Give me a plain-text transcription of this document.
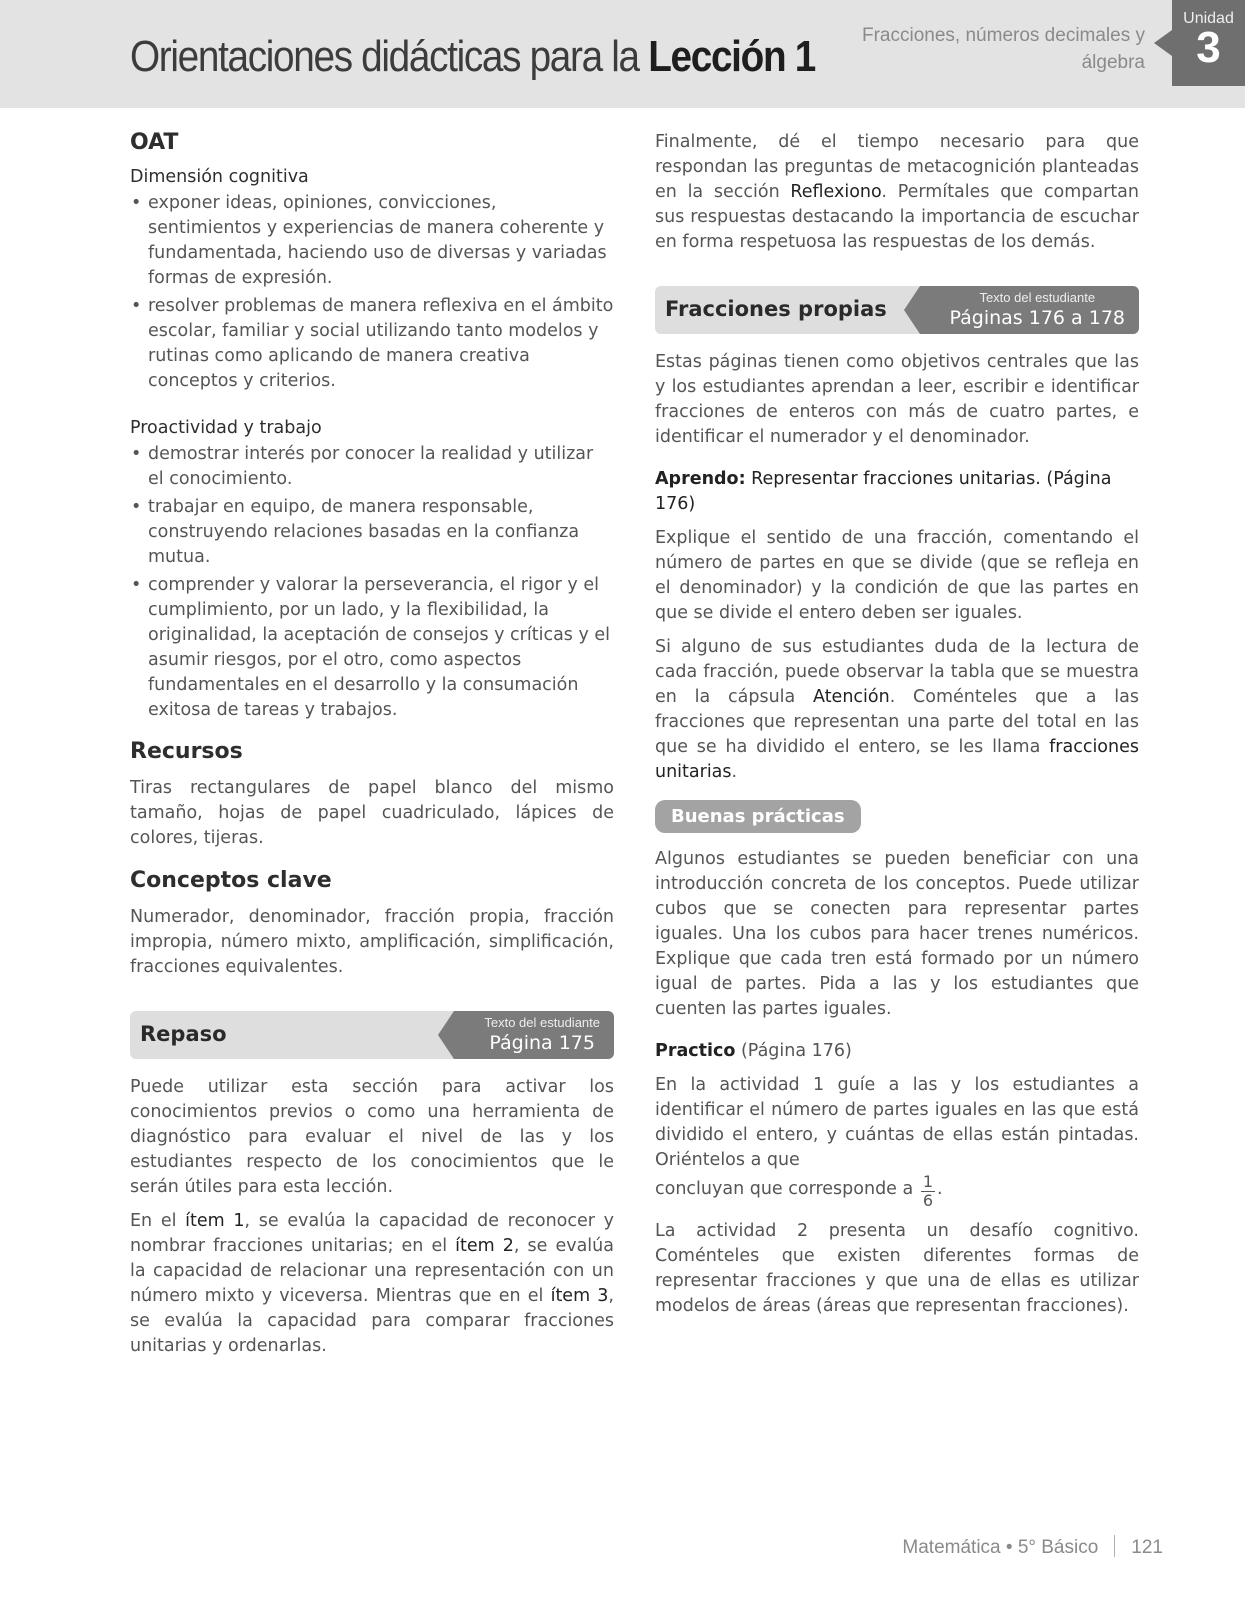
Orientaciones didácticas para la Lección 1	Fracciones, números decimales y álgebra
Unidad
3
OAT
Dimensión cognitiva
• exponer ideas, opiniones, convicciones, sentimientos y experiencias de manera coherente y fundamentada, haciendo uso de diversas y variadas formas de expresión.
• resolver problemas de manera reflexiva en el ámbito escolar, familiar y social utilizando tanto modelos y rutinas como aplicando de manera creativa conceptos y criterios.
Proactividad y trabajo
• demostrar interés por conocer la realidad y utilizar el conocimiento.
• trabajar en equipo, de manera responsable, construyendo relaciones basadas en la confianza mutua.
• comprender y valorar la perseverancia, el rigor y el cumplimiento, por un lado, y la flexibilidad, la originalidad, la aceptación de consejos y críticas y el asumir riesgos, por el otro, como aspectos fundamentales en el desarrollo y la consumación exitosa de tareas y trabajos.
Recursos

Tiras rectangulares de papel blanco del mismo tamaño, hojas de papel cuadriculado, lápices de colores, tijeras.

Conceptos clave

Numerador, denominador, fracción propia, fracción impropia, número mixto, amplificación, simplificación, fracciones equivalentes.

Repaso	Texto del estudiante
Página 175

Puede utilizar esta sección para activar los conocimientos previos o como una herramienta de diagnóstico para evaluar el nivel de las y los estudiantes respecto de los conocimientos que le serán útiles para esta lección.

En el ítem 1, se evalúa la capacidad de reconocer y nombrar fracciones unitarias; en el ítem 2, se evalúa la capacidad de relacionar una representación con un número mixto y viceversa. Mientras que en el ítem 3, se evalúa la capacidad para comparar fracciones unitarias y ordenarlas.

Finalmente, dé el tiempo necesario para que respondan las preguntas de metacognición planteadas en la sección Reflexiono. Permítales que compartan sus respuestas destacando la importancia de escuchar en forma respetuosa las respuestas de los demás.

Fracciones propias	Texto del estudiante
Páginas 176 a 178

Estas páginas tienen como objetivos centrales que las y los estudiantes aprendan a leer, escribir e identificar fracciones de enteros con más de cuatro partes, e identificar el numerador y el denominador.

Aprendo: Representar fracciones unitarias. (Página 176)

Explique el sentido de una fracción, comentando el número de partes en que se divide (que se refleja en el denominador) y la condición de que las partes en que se divide el entero deben ser iguales.

Si alguno de sus estudiantes duda de la lectura de cada fracción, puede observar la tabla que se muestra en la cápsula Atención. Coménteles que a las fracciones que representan una parte del total en las que se ha dividido el entero, se les llama fracciones unitarias.

Buenas prácticas

Algunos estudiantes se pueden beneficiar con una introducción concreta de los conceptos. Puede utilizar cubos que se conecten para representar partes iguales. Una los cubos para hacer trenes numéricos. Explique que cada tren está formado por un número igual de partes. Pida a las y los estudiantes que cuenten las partes iguales.

Practico (Página 176)

En la actividad 1 guíe a las y los estudiantes a identificar el número de partes iguales en las que está dividido el entero, y cuántas de ellas están pintadas. Oriéntelos a que

concluyan que corresponde a $\frac{1}{6}$ .

La actividad 2 presenta un desafío cognitivo. Coménteles que existen diferentes formas de representar fracciones y que una de ellas es utilizar modelos de áreas (áreas que representan fracciones).

Matemática • 5° Básico 121
